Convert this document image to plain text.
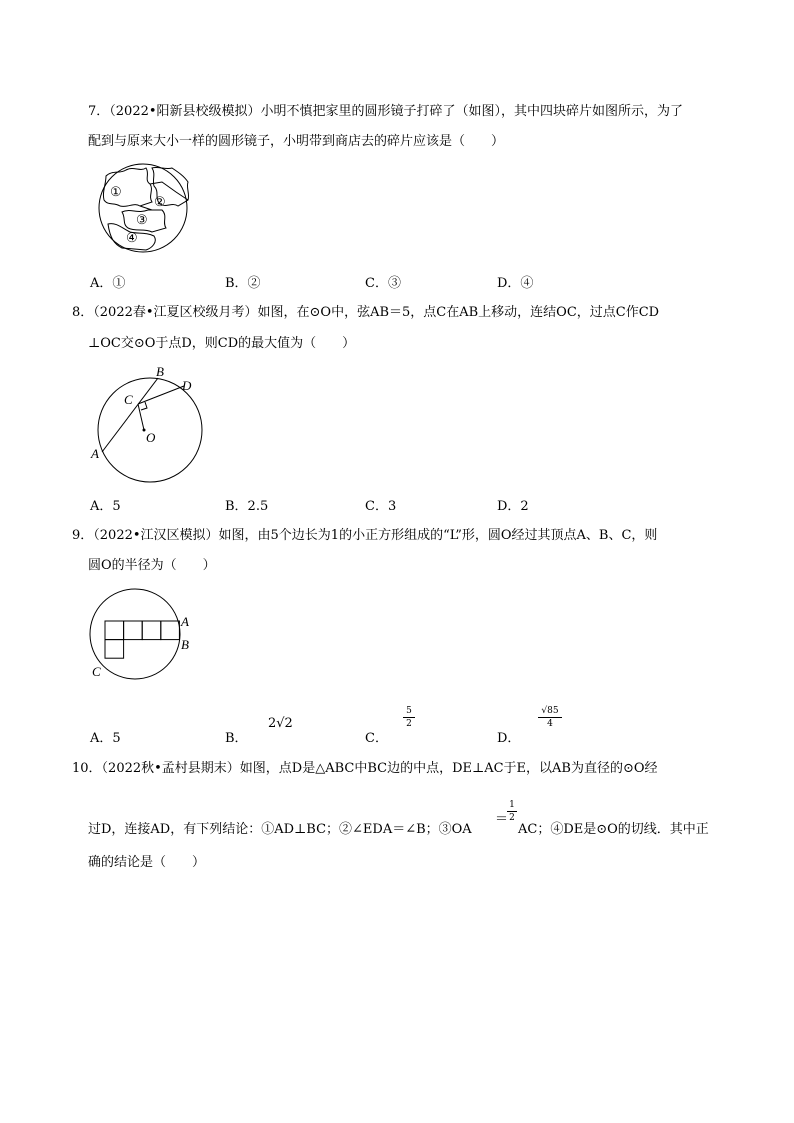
7．（2022•阳新县校级模拟）小明不慎把家里的圆形镜子打碎了（如图），其中四块碎片如图所示，为了
配到与原来大小一样的圆形镜子，小明带到商店去的碎片应该是（　　）
①
②
③
④
A．①	B．②	C．③	D．④
8．（2022春•江夏区校级月考）如图，在⊙O中，弦AB＝5，点C在AB上移动，连结OC，过点C作CD
⊥OC交⊙O于点D，则CD的最大值为（　　）
B
D
C
O
A
A．5	B．2.5	C．3	D．2
9．（2022•江汉区模拟）如图，由5个边长为1的小正方形组成的“L”形，圆O经过其顶点A、B、C，则
圆O的半径为（　　）
A
B
C
A．5	B．
2√2
C．
5
2
D．
√85
4
10．（2022秋•孟村县期末）如图，点D是△ABC中BC边的中点，DE⊥AC于E，以AB为直径的⊙O经
过D，连接AD，有下列结论：①AD⊥BC；②∠EDA＝∠B；③OA
＝
1
2
AC；④DE是⊙O的切线．其中正
确的结论是（　　）
